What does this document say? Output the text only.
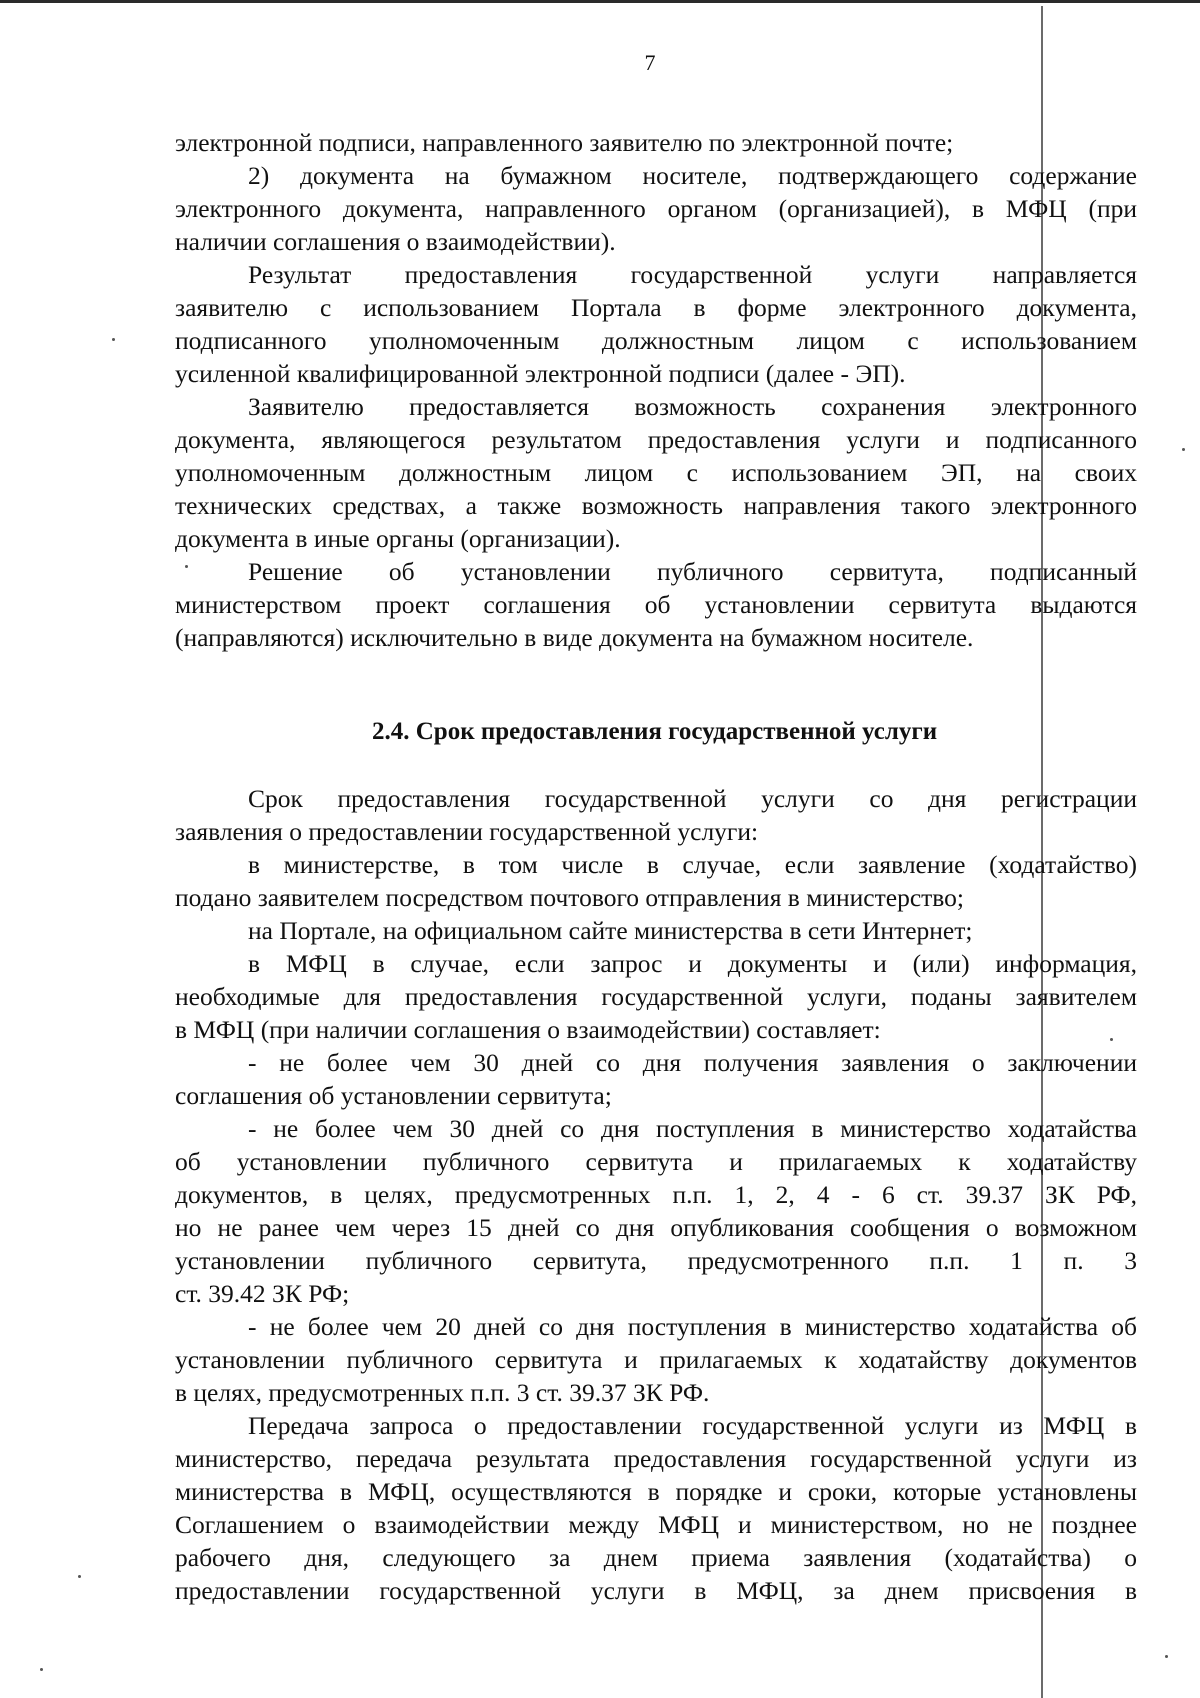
7
электронной подписи, направленного заявителю по электронной почте;
2) документа на бумажном носителе, подтверждающего содержание
электронного документа, направленного органом (организацией), в МФЦ (при
наличии соглашения о взаимодействии).
Результат предоставления государственной услуги направляется
заявителю с использованием Портала в форме электронного документа,
подписанного уполномоченным должностным лицом с использованием
усиленной квалифицированной электронной подписи (далее - ЭП).
Заявителю предоставляется возможность сохранения электронного
документа, являющегося результатом предоставления услуги и подписанного
уполномоченным должностным лицом с использованием ЭП, на своих
технических средствах, а также возможность направления такого электронного
документа в иные органы (организации).
Решение об установлении публичного сервитута, подписанный
министерством проект соглашения об установлении сервитута выдаются
(направляются) исключительно в виде документа на бумажном носителе.
2.4. Срок предоставления государственной услуги
Срок предоставления государственной услуги со дня регистрации
заявления о предоставлении государственной услуги:
в министерстве, в том числе в случае, если заявление (ходатайство)
подано заявителем посредством почтового отправления в министерство;
на Портале, на официальном сайте министерства в сети Интернет;
в МФЦ в случае, если запрос и документы и (или) информация,
необходимые для предоставления государственной услуги, поданы заявителем
в МФЦ (при наличии соглашения о взаимодействии) составляет:
- не более чем 30 дней со дня получения заявления о заключении
соглашения об установлении сервитута;
- не более чем 30 дней со дня поступления в министерство ходатайства
об установлении публичного сервитута и прилагаемых к ходатайству
документов, в целях, предусмотренных п.п. 1, 2, 4 - 6 ст. 39.37 ЗК РФ,
но не ранее чем через 15 дней со дня опубликования сообщения о возможном
установлении публичного сервитута, предусмотренного п.п. 1 п. 3
ст. 39.42 ЗК РФ;
- не более чем 20 дней со дня поступления в министерство ходатайства об
установлении публичного сервитута и прилагаемых к ходатайству документов
в целях, предусмотренных п.п. 3 ст. 39.37 ЗК РФ.
Передача запроса о предоставлении государственной услуги из МФЦ в
министерство, передача результата предоставления государственной услуги из
министерства в МФЦ, осуществляются в порядке и сроки, которые установлены
Соглашением о взаимодействии между МФЦ и министерством, но не позднее
рабочего дня, следующего за днем приема заявления (ходатайства) о
предоставлении государственной услуги в МФЦ, за днем присвоения в
